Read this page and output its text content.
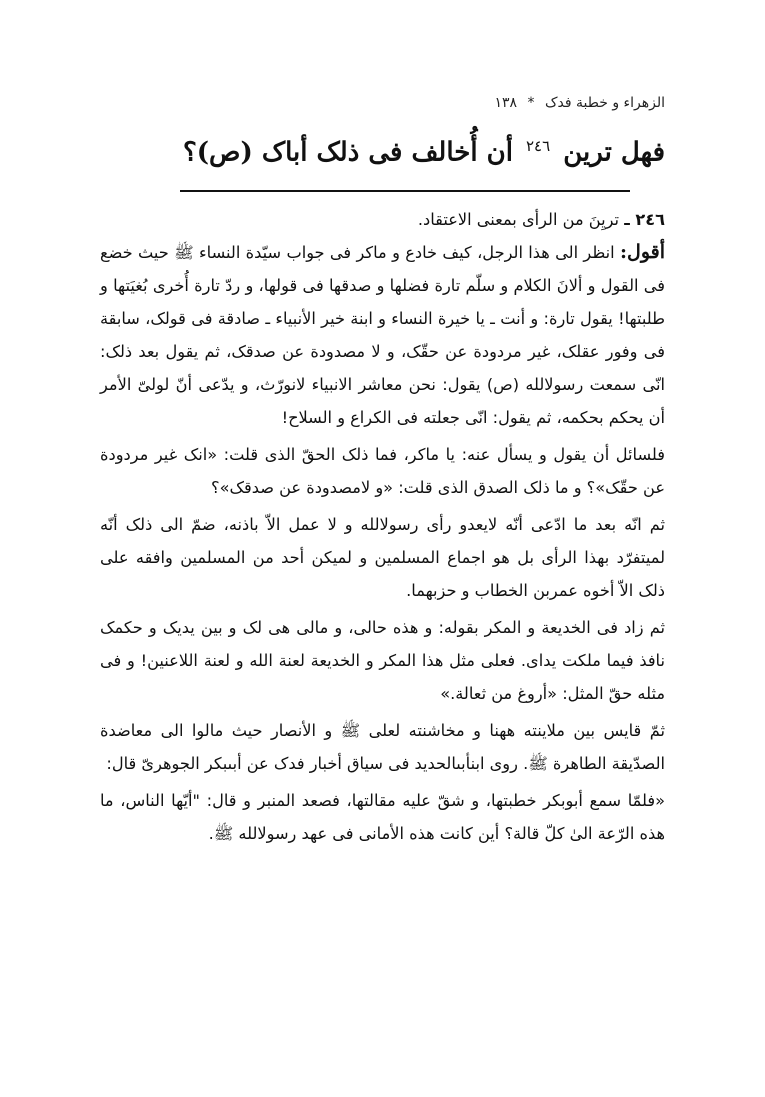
الزهراء و خطبة فدک * ١٣٨
فهل ترين $^{٢٤٦}$ أن أُخالف فى ذلک أباک (ص)؟

٢٤٦ ـ تريِنَ من الرأى بمعنى الاعتقاد.

أقول: انظر الى هذا الرجل، كيف خادع و ماكر فى جواب سيّدة النساء ﷺ حيث خضع فى القول و ألانَ الكلام و سلّم تارة فضلها و صدقها فى قولها، و ردّ تارة أُخرى بُغيَتها و طلبتها! يقول تارة: و أنت ـ يا خيرة النساء و ابنة خير الأنبياء ـ صادقة فى قولک، سابقة فى وفور عقلک، غير مردودة عن حقّک، و لا مصدودة عن صدقک، ثم يقول بعد ذلک: انّى سمعت رسولالله (ص) يقول: نحن معاشر الانبياء لانورّث، و يدّعى أنّ لولىّ الأمر أن يحكم بحكمه، ثم يقول: انّى جعلته فى الكراع و السلاح!

فلسائل أن يقول و يسأل عنه: يا ماكر، فما ذلک الحقّ الذى قلت: «انک غير مردودة عن حقّک»؟ و ما ذلک الصدق الذى قلت: «و لامصدودة عن صدقک»؟

ثم انّه بعد ما ادّعى أنّه لايعدو رأى رسولالله و لا عمل الاّ باذنه، ضمّ الى ذلک أنّه لميتفرّد بهذا الرأى بل هو اجماع المسلمين و لميكن أحد من المسلمين وافقه على ذلک الاّ أخوه عمربن الخطاب و حزبهما.

ثم زاد فى الخديعة و المكر بقوله: و هذه حالى، و مالى هى لک و بين يديک و حكمک نافذ فيما ملكت يداى. فعلى مثل هذا المكر و الخديعة لعنة الله و لعنة اللاعنين! و فى مثله حقّ المثل: «أروغ من ثعالة.»

ثمّ قايس بين ملاينته ههنا و مخاشنته لعلى ﷺ و الأنصار حيث مالوا الى معاضدة الصدّيقة الطاهرة ﷺ. روى ابنأبىالحديد فى سياق أخبار فدک عن أبىبكر الجوهرىّ قال:

«فلمّا سمع أبوبكر خطبتها، و شقّ عليه مقالتها، فصعد المنبر و قال: "أيّها الناس، ما هذه الرّعة الىٰ كلّ قالة؟ أين كانت هذه الأمانى فى عهد رسولالله ﷺ.
